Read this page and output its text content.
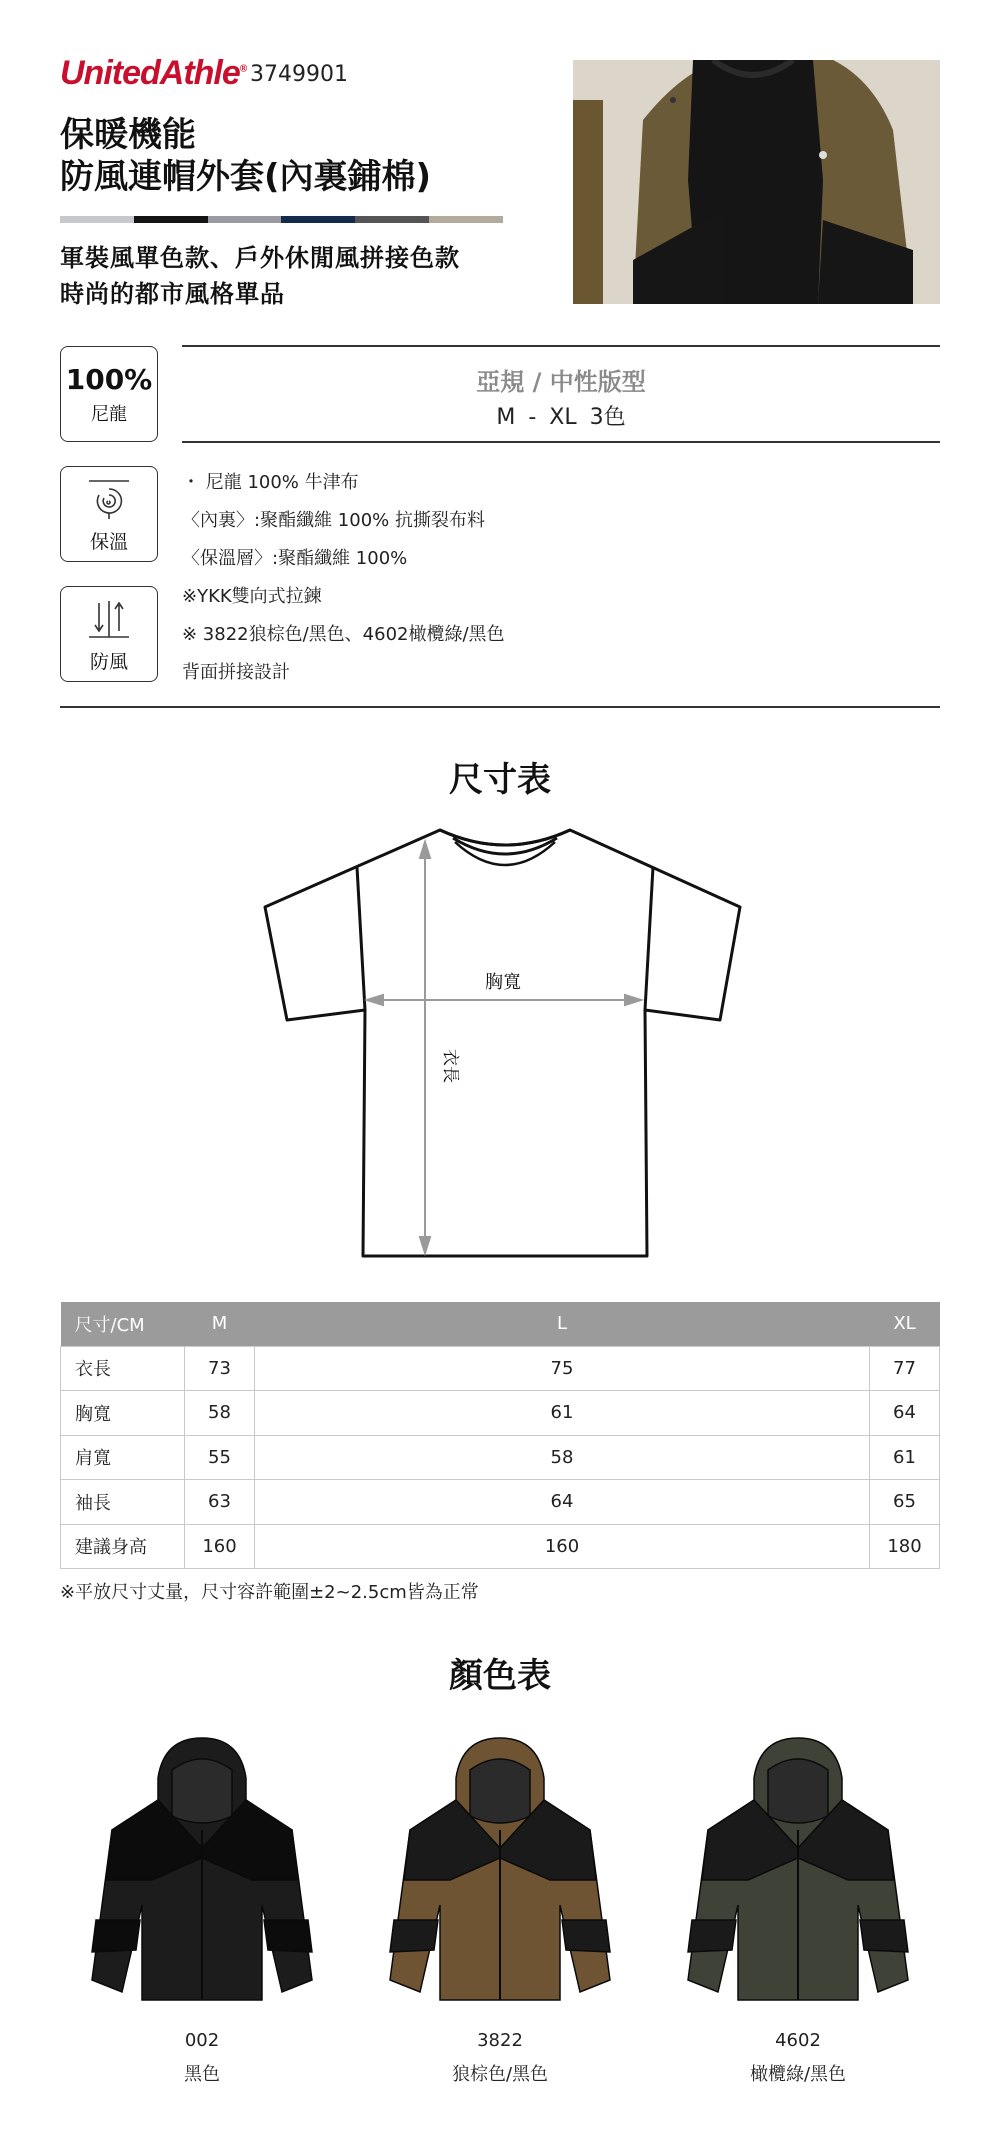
UnitedAthle® 3749901
保暖機能
防風連帽外套(內裏鋪棉)
軍裝風單色款、戶外休閒風拼接色款
時尚的都市風格單品
100%
尼龍
保溫
防風
亞規 / 中性版型
M - XL 3色
・ 尼龍 100% 牛津布
〈內裏〉:聚酯纖維 100% 抗撕裂布料
〈保溫層〉:聚酯纖維 100%
※YKK雙向式拉鍊
※ 3822狼棕色/黑色、4602橄欖綠/黑色
背面拼接設計
尺寸表
胸寬
衣長
尺寸/CM	M	L	XL
衣長	73	75	77
胸寬	58	61	64
肩寬	55	58	61
袖長	63	64	65
建議身高	160	160	180
※平放尺寸丈量，尺寸容許範圍±2~2.5cm皆為正常
顏色表
002
黑色
3822
狼棕色/黑色
4602
橄欖綠/黑色
